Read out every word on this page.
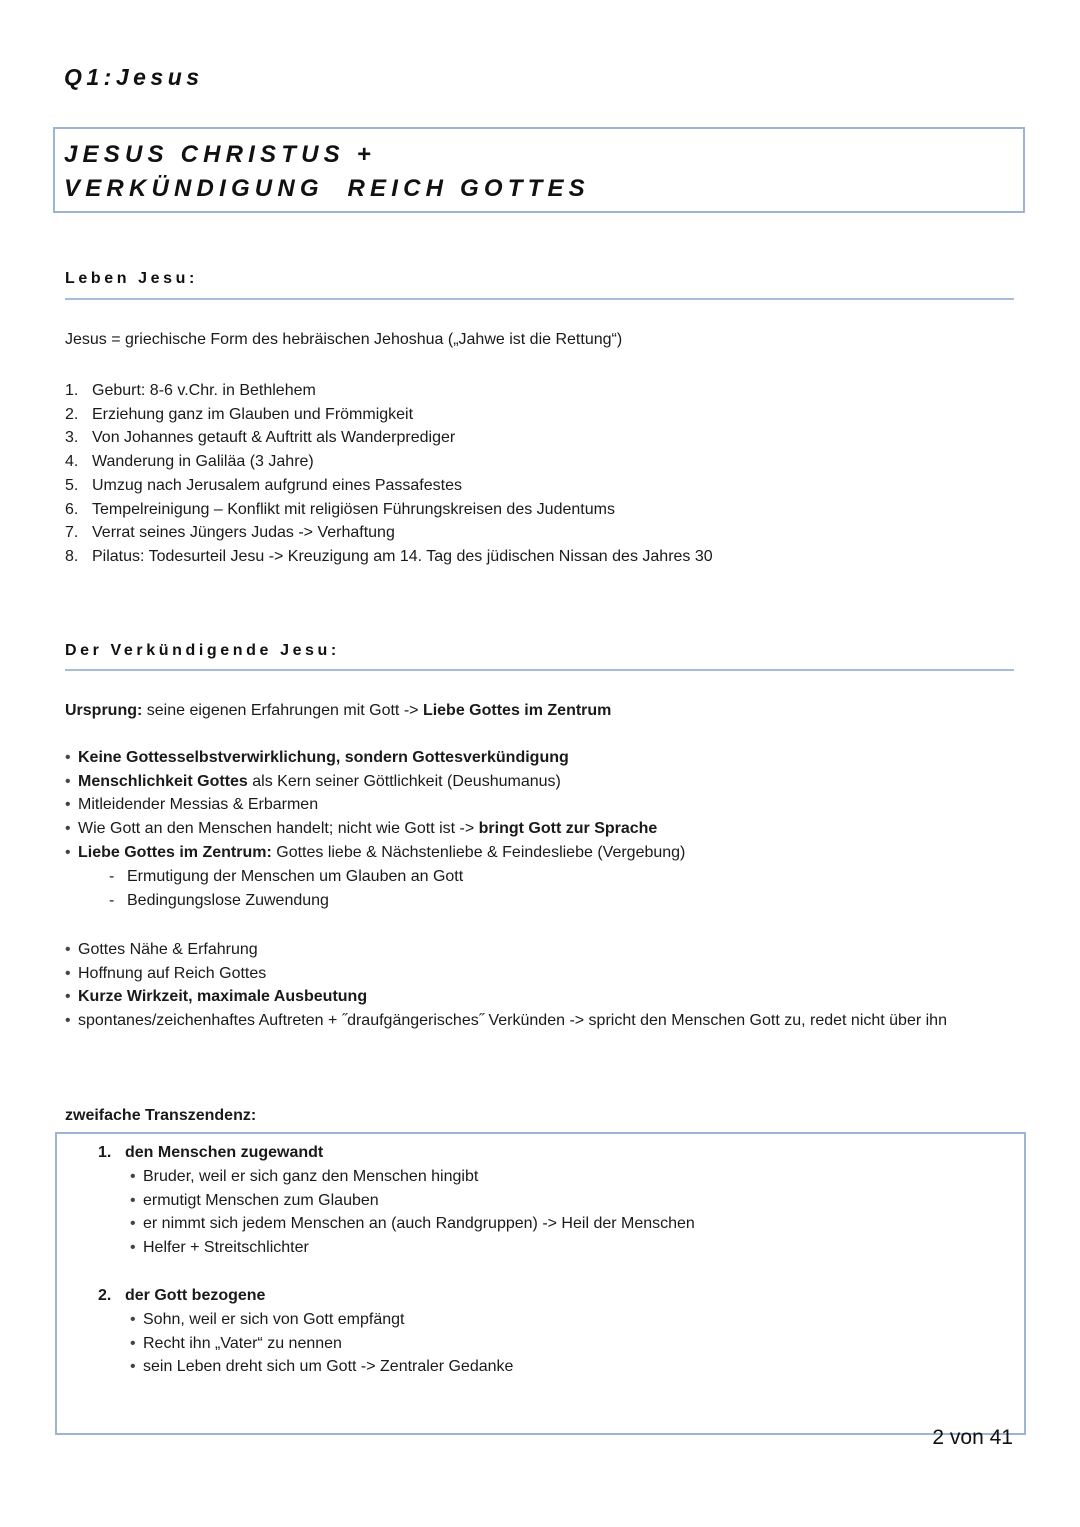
Q1:Jesus
JESUS CHRISTUS +
VERKÜNDIGUNG  REICH GOTTES
Leben Jesu:
Jesus = griechische Form des hebräischen Jehoshua („Jahwe ist die Rettung“)
1. Geburt: 8-6 v.Chr. in Bethlehem
2. Erziehung ganz im Glauben und Frömmigkeit
3. Von Johannes getauft & Auftritt als Wanderprediger
4. Wanderung in Galiläa (3 Jahre)
5. Umzug nach Jerusalem aufgrund eines Passafestes
6. Tempelreinigung – Konflikt mit religiösen Führungskreisen des Judentums
7. Verrat seines Jüngers Judas -> Verhaftung
8. Pilatus: Todesurteil Jesu -> Kreuzigung am 14. Tag des jüdischen Nissan des Jahres 30
Der Verkündigende Jesu:
Ursprung: seine eigenen Erfahrungen mit Gott -> Liebe Gottes im Zentrum
• Keine Gottesselbstverwirklichung, sondern Gottesverkündigung
• Menschlichkeit Gottes als Kern seiner Göttlichkeit (Deushumanus)
• Mitleidender Messias & Erbarmen
• Wie Gott an den Menschen handelt; nicht wie Gott ist -> bringt Gott zur Sprache
• Liebe Gottes im Zentrum: Gottes liebe & Nächstenliebe & Feindesliebe (Vergebung)
- Ermutigung der Menschen um Glauben an Gott
- Bedingungslose Zuwendung
• Gottes Nähe & Erfahrung
• Hoffnung auf Reich Gottes
• Kurze Wirkzeit, maximale Ausbeutung
• spontanes/zeichenhaftes Auftreten + ˝draufgängerisches˝ Verkünden -> spricht den Menschen Gott zu, redet nicht über ihn
zweifache Transzendenz:
1. den Menschen zugewandt
• Bruder, weil er sich ganz den Menschen hingibt
• ermutigt Menschen zum Glauben
• er nimmt sich jedem Menschen an (auch Randgruppen) -> Heil der Menschen
• Helfer + Streitschlichter
2. der Gott bezogene
• Sohn, weil er sich von Gott empfängt
• Recht ihn „Vater“ zu nennen
• sein Leben dreht sich um Gott -> Zentraler Gedanke
2 von 41
